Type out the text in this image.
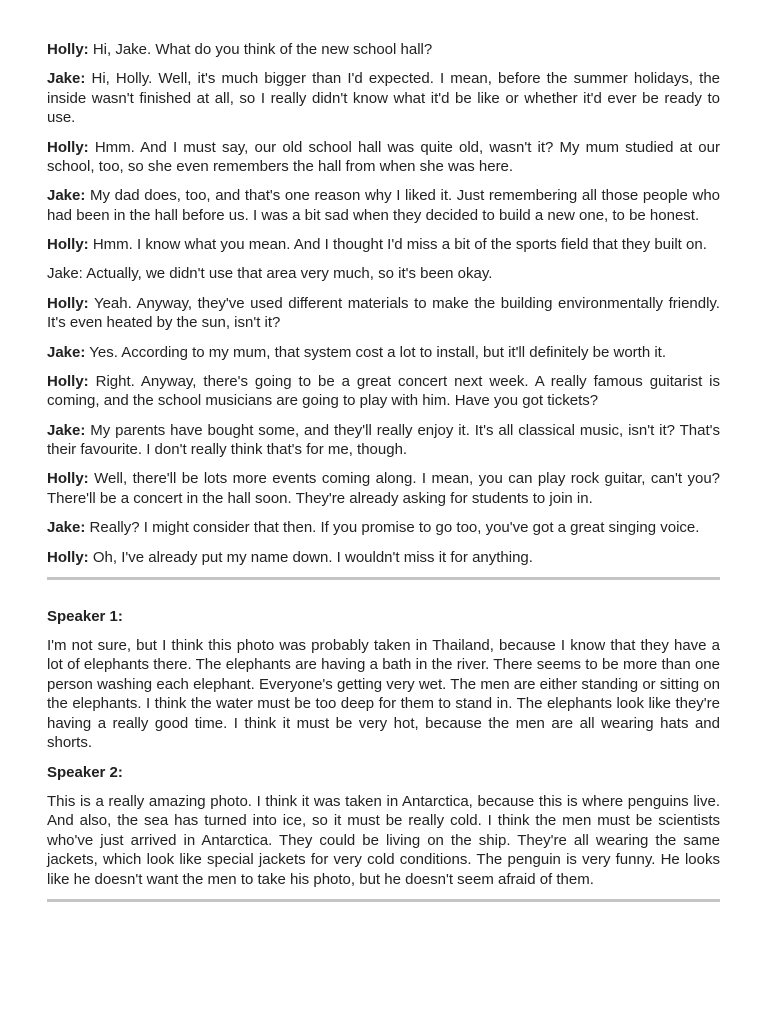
Holly: Hi, Jake. What do you think of the new school hall?

Jake: Hi, Holly. Well, it's much bigger than I'd expected. I mean, before the summer holidays, the inside wasn't finished at all, so I really didn't know what it'd be like or whether it'd ever be ready to use.

Holly: Hmm. And I must say, our old school hall was quite old, wasn't it? My mum studied at our school, too, so she even remembers the hall from when she was here.

Jake: My dad does, too, and that's one reason why I liked it. Just remembering all those people who had been in the hall before us. I was a bit sad when they decided to build a new one, to be honest.

Holly: Hmm. I know what you mean. And I thought I'd miss a bit of the sports field that they built on.

Jake: Actually, we didn't use that area very much, so it's been okay.

Holly: Yeah. Anyway, they've used different materials to make the building environmentally friendly. It's even heated by the sun, isn't it?

Jake: Yes. According to my mum, that system cost a lot to install, but it'll definitely be worth it.

Holly: Right. Anyway, there's going to be a great concert next week. A really famous guitarist is coming, and the school musicians are going to play with him. Have you got tickets?

Jake: My parents have bought some, and they'll really enjoy it. It's all classical music, isn't it? That's their favourite. I don't really think that's for me, though.

Holly: Well, there'll be lots more events coming along. I mean, you can play rock guitar, can't you? There'll be a concert in the hall soon. They're already asking for students to join in.

Jake: Really? I might consider that then. If you promise to go too, you've got a great singing voice.

Holly: Oh, I've already put my name down. I wouldn't miss it for anything.

Speaker 1:

I'm not sure, but I think this photo was probably taken in Thailand, because I know that they have a lot of elephants there. The elephants are having a bath in the river. There seems to be more than one person washing each elephant. Everyone's getting very wet. The men are either standing or sitting on the elephants. I think the water must be too deep for them to stand in. The elephants look like they're having a really good time. I think it must be very hot, because the men are all wearing hats and shorts.

Speaker 2:

This is a really amazing photo. I think it was taken in Antarctica, because this is where penguins live. And also, the sea has turned into ice, so it must be really cold. I think the men must be scientists who've just arrived in Antarctica. They could be living on the ship. They're all wearing the same jackets, which look like special jackets for very cold conditions. The penguin is very funny. He looks like he doesn't want the men to take his photo, but he doesn't seem afraid of them.
